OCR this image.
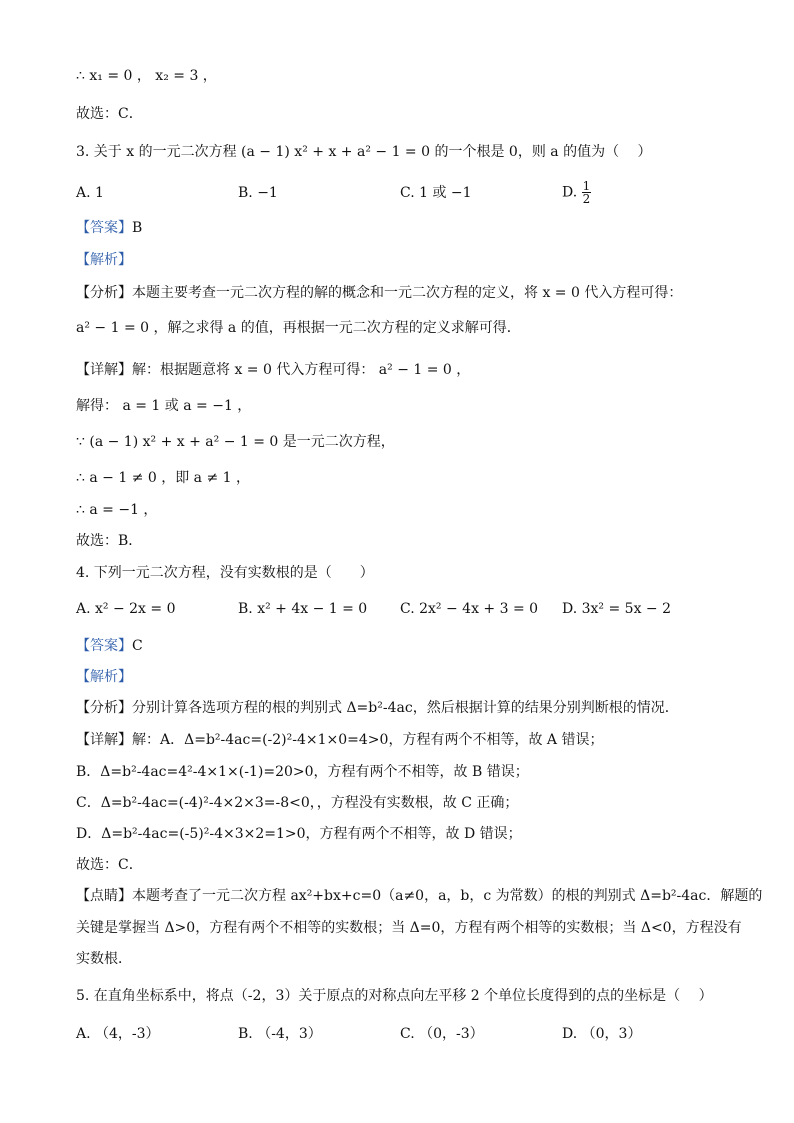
∴ x₁ = 0 ， x₂ = 3 ，
故选：C．
3. 关于 x 的一元二次方程 (a − 1) x² + x + a² − 1 = 0 的一个根是 0，则 a 的值为（　 ）
A. 1	B. −1	C. 1 或 −1	D. $\frac{1}{2}$
【答案】B
【解析】
【分析】本题主要考查一元二次方程的解的概念和一元二次方程的定义，将 x = 0 代入方程可得：
a² − 1 = 0 ，解之求得 a 的值，再根据一元二次方程的定义求解可得．
【详解】解：根据题意将 x = 0 代入方程可得： a² − 1 = 0 ，
解得： a = 1 或 a = −1 ，
∵ (a − 1) x² + x + a² − 1 = 0 是一元二次方程，
∴ a − 1 ≠ 0 ，即 a ≠ 1 ，
∴ a = −1 ，
故选：B．
4. 下列一元二次方程，没有实数根的是（　　）
A. x² − 2x = 0	B. x² + 4x − 1 = 0 C. 2x² − 4x + 3 = 0 D. 3x² = 5x − 2
【答案】C
【解析】
【分析】分别计算各选项方程的根的判别式 Δ=b²-4ac，然后根据计算的结果分别判断根的情况．
【详解】解：A．Δ=b²-4ac=(-2)²-4×1×0=4>0，方程有两个不相等，故 A 错误；
B．Δ=b²-4ac=4²-4×1×(-1)=20>0，方程有两个不相等，故 B 错误；
C．Δ=b²-4ac=(-4)²-4×2×3=-8<0，，方程没有实数根，故 C 正确；
D．Δ=b²-4ac=(-5)²-4×3×2=1>0，方程有两个不相等，故 D 错误；
故选：C．
【点睛】本题考查了一元二次方程 ax²+bx+c=0（a≠0，a，b，c 为常数）的根的判别式 Δ=b²-4ac．解题的
关键是掌握当 Δ>0，方程有两个不相等的实数根；当 Δ=0，方程有两个相等的实数根；当 Δ<0，方程没有
实数根．
5. 在直角坐标系中，将点（-2，3）关于原点的对称点向左平移 2 个单位长度得到的点的坐标是（　 ）
A. （4，-3）	B. （-4，3）	C. （0，-3）	D. （0，3）
